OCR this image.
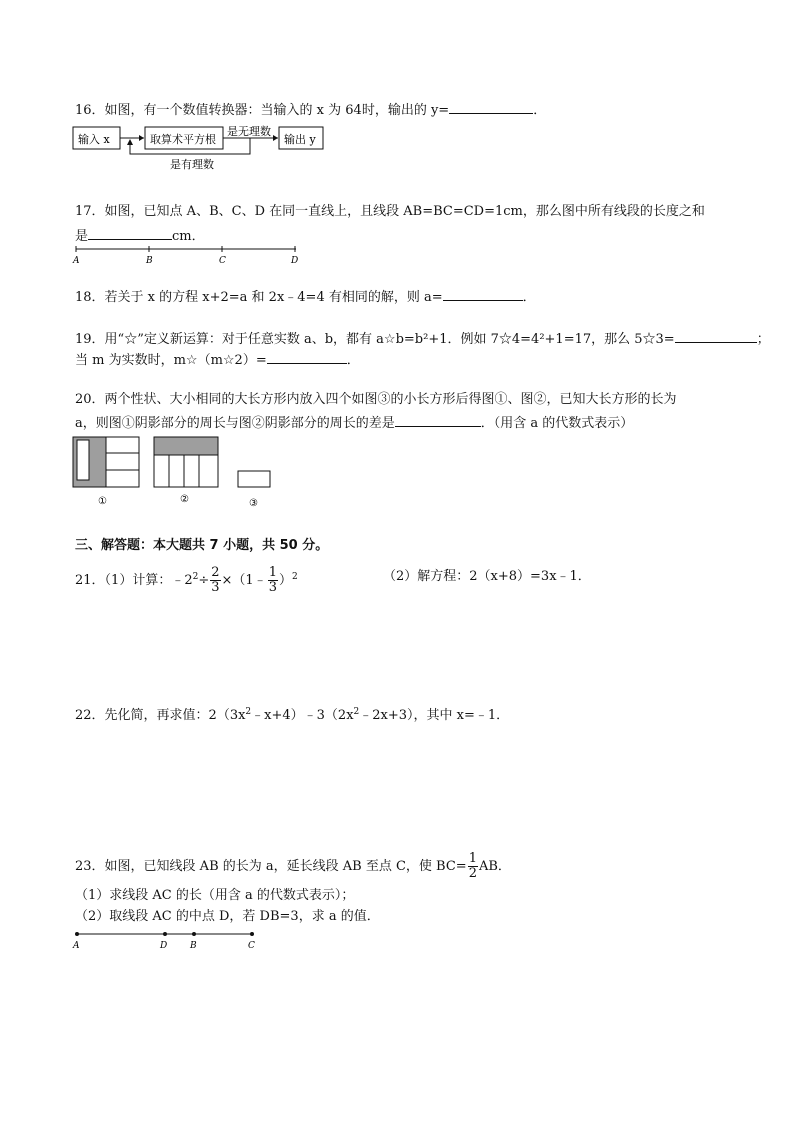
16．如图，有一个数值转换器：当输入的 x 为 64时，输出的 y=	．
输入 x	取算术平方根
是无理数
输出 y
是有理数
17．如图，已知点 A、B、C、D 在同一直线上，且线段 AB=BC=CD=1cm，那么图中所有线段的长度之和
是	cm．
A	B	C	D
18．若关于 x 的方程 x+2=a 和 2x﹣4=4 有相同的解，则 a=	．
19．用“☆”定义新运算：对于任意实数 a、b，都有 a☆b=b²+1．例如 7☆4=4²+1=17，那么 5☆3=	；
当 m 为实数时，m☆（m☆2）=	．
20．两个性状、大小相同的大长方形内放入四个如图③的小长方形后得图①、图②，已知大长方形的长为
a，则图①阴影部分的周长与图②阴影部分的周长的差是	．（用含 a 的代数式表示）
①	②	③
三、解答题：本大题共 7 小题，共 50 分。
21．（1）计算：$﹣2^2\div \frac{2}{3}$ ×（1﹣ $\frac{1}{3} )^2$	（2）解方程：2（x+8）=3x﹣1．
22．先化简，再求值：$2(3x^2﹣x+4)﹣3(2x^2﹣2x+3)$，其中 x=﹣1．
23．如图，已知线段 AB 的长为 a，延长线段 AB 至点 C，使 $BC= \frac{1}{2}$ AB．
（1）求线段 AC 的长（用含 a 的代数式表示）；
（2）取线段 AC 的中点 D，若 DB=3，求 a 的值．
A	D	B	C
